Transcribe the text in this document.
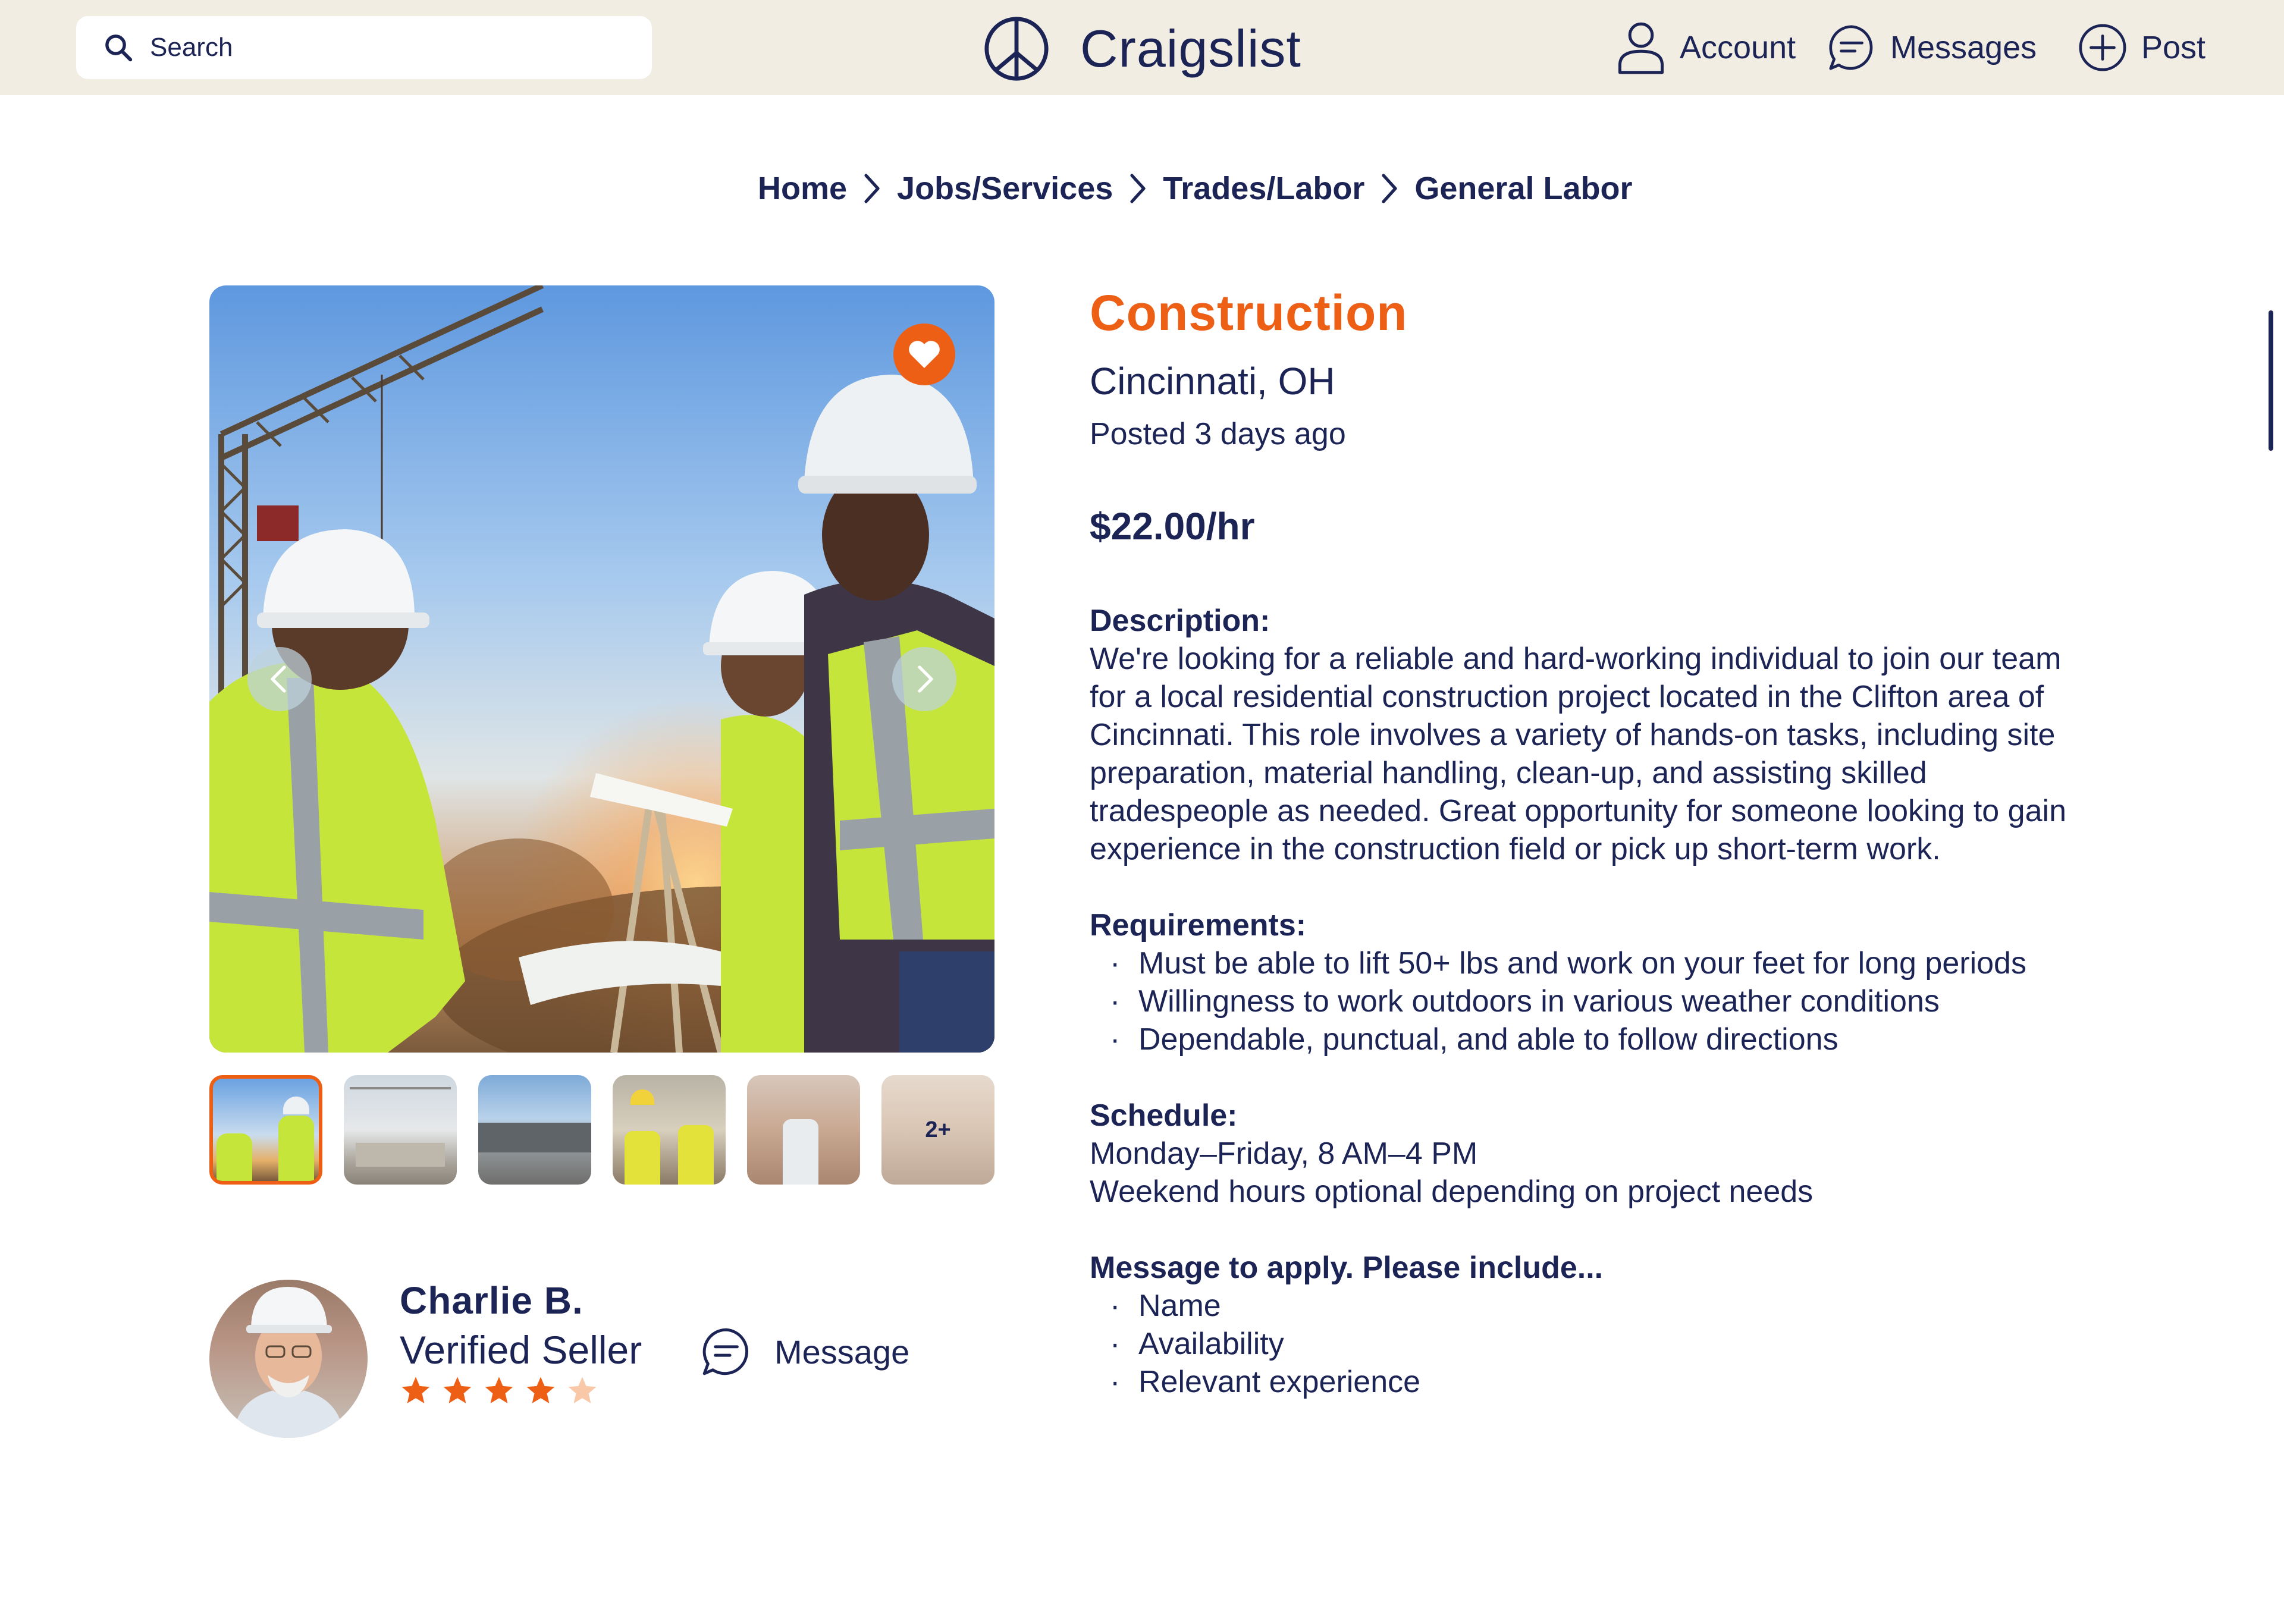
Search
Craigslist	Account	Messages	Post
Home Jobs/Services Trades/Labor General Labor
2+
Charlie B.
Verified Seller	Message
Construction
Cincinnati, OH
Posted 3 days ago
$22.00/hr
Description:

We're looking for a reliable and hard-working individual to join our team for a local residential construction project located in the Clifton area of Cincinnati. This role involves a variety of hands-on tasks, including site preparation, material handling, clean-up, and assisting skilled tradespeople as needed. Great opportunity for someone looking to gain experience in the construction field or pick up short-term work.

Requirements:
· Must be able to lift 50+ lbs and work on your feet for long periods
· Willingness to work outdoors in various weather conditions
· Dependable, punctual, and able to follow directions
Schedule:

Monday–Friday, 8 AM–4 PM

Weekend hours optional depending on project needs

Message to apply. Please include...
· Name
· Availability
· Relevant experience
